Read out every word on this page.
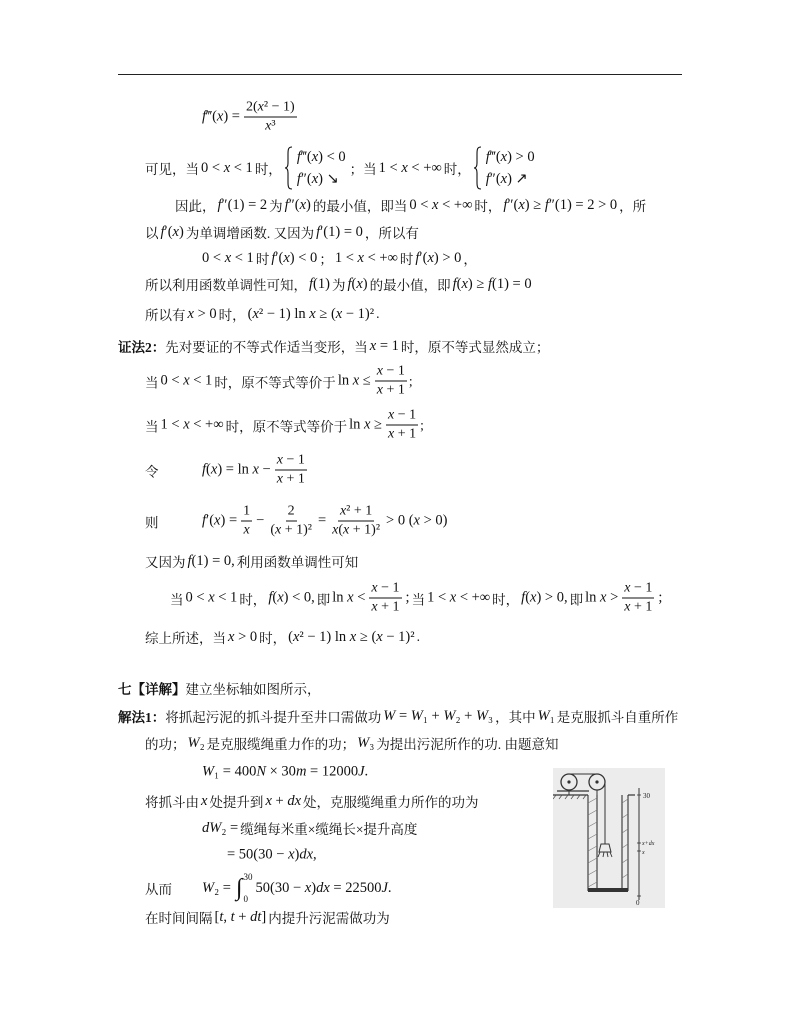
f‴(x) = $\frac{\text{2(x² − 1)}}{\text{x³}}$
可见，当 0 < x < 1 时，
f‴(x) < 0
f″(x) ↘
；当 1 < x < +∞ 时，
f‴(x) > 0
f″(x) ↗
因此， f″(1) = 2 为 f″(x) 的最小值，即当 0 < x < +∞ 时， f″(x) ≥ f″(1) = 2 > 0 ，所
以 f′(x) 为单调增函数. 又因为 f′(1) = 0 ，所以有
0 < x < 1 时 f′(x) < 0 ； 1 < x < +∞ 时 f′(x) > 0 ，
所以利用函数单调性可知， f(1) 为 f(x) 的最小值，即 f(x) ≥ f(1) = 0
所以有 x > 0 时， (x² − 1) ln x ≥ (x − 1)² .
证法2： 先对要证的不等式作适当变形，当 x = 1 时，原不等式显然成立；
当 0 < x < 1 时，原不等式等价于 $\ln x \le \frac{x - 1}{x + 1}$ ;
当 1 < x < +∞ 时，原不等式等价于 $\ln x \ge \frac{x - 1}{x + 1}$ ;
令	$f(x) = \ln x - \frac{x - 1}{x + 1}$
则	$f'(x) = \frac{1}{x} - \frac{2}{\text{(x + 1)²}} = \frac{\text{x² + 1}}{\text{x(x + 1)²}} > 0$ (x > 0)
又因为 f(1) = 0, 利用函数单调性可知
当 0 < x < 1 时， f(x) < 0, 即 $\ln x < \frac{x - 1}{x + 1}$ ; 当 1 < x < +∞ 时， f(x) > 0, 即 $\ln x > \frac{x - 1}{x + 1}$ ;
综上所述，当 x > 0 时， (x² − 1) ln x ≥ (x − 1)² .
七【详解】 建立坐标轴如图所示，
解法1： 将抓起污泥的抓斗提升至井口需做功 W = W₁ + W₂ + W₃ ，其中 W₁ 是克服抓斗自重所作
的功； W₂ 是克服缆绳重力作的功； W₃ 为提出污泥所作的功. 由题意知
W₁ = 400N × 30m = 12000J.
将抓斗由 x 处提升到 x + dx 处，克服缆绳重力所作的功为
dW₂ = 缆绳每米重×缆绳长×提升高度
= 50(30 − x)dx,
从而	W₂ = ∫ 30
0
50(30 − x)dx = 22500J.
在时间间隔 [t, t + dt] 内提升污泥需做功为
30
x+dx
x
0
